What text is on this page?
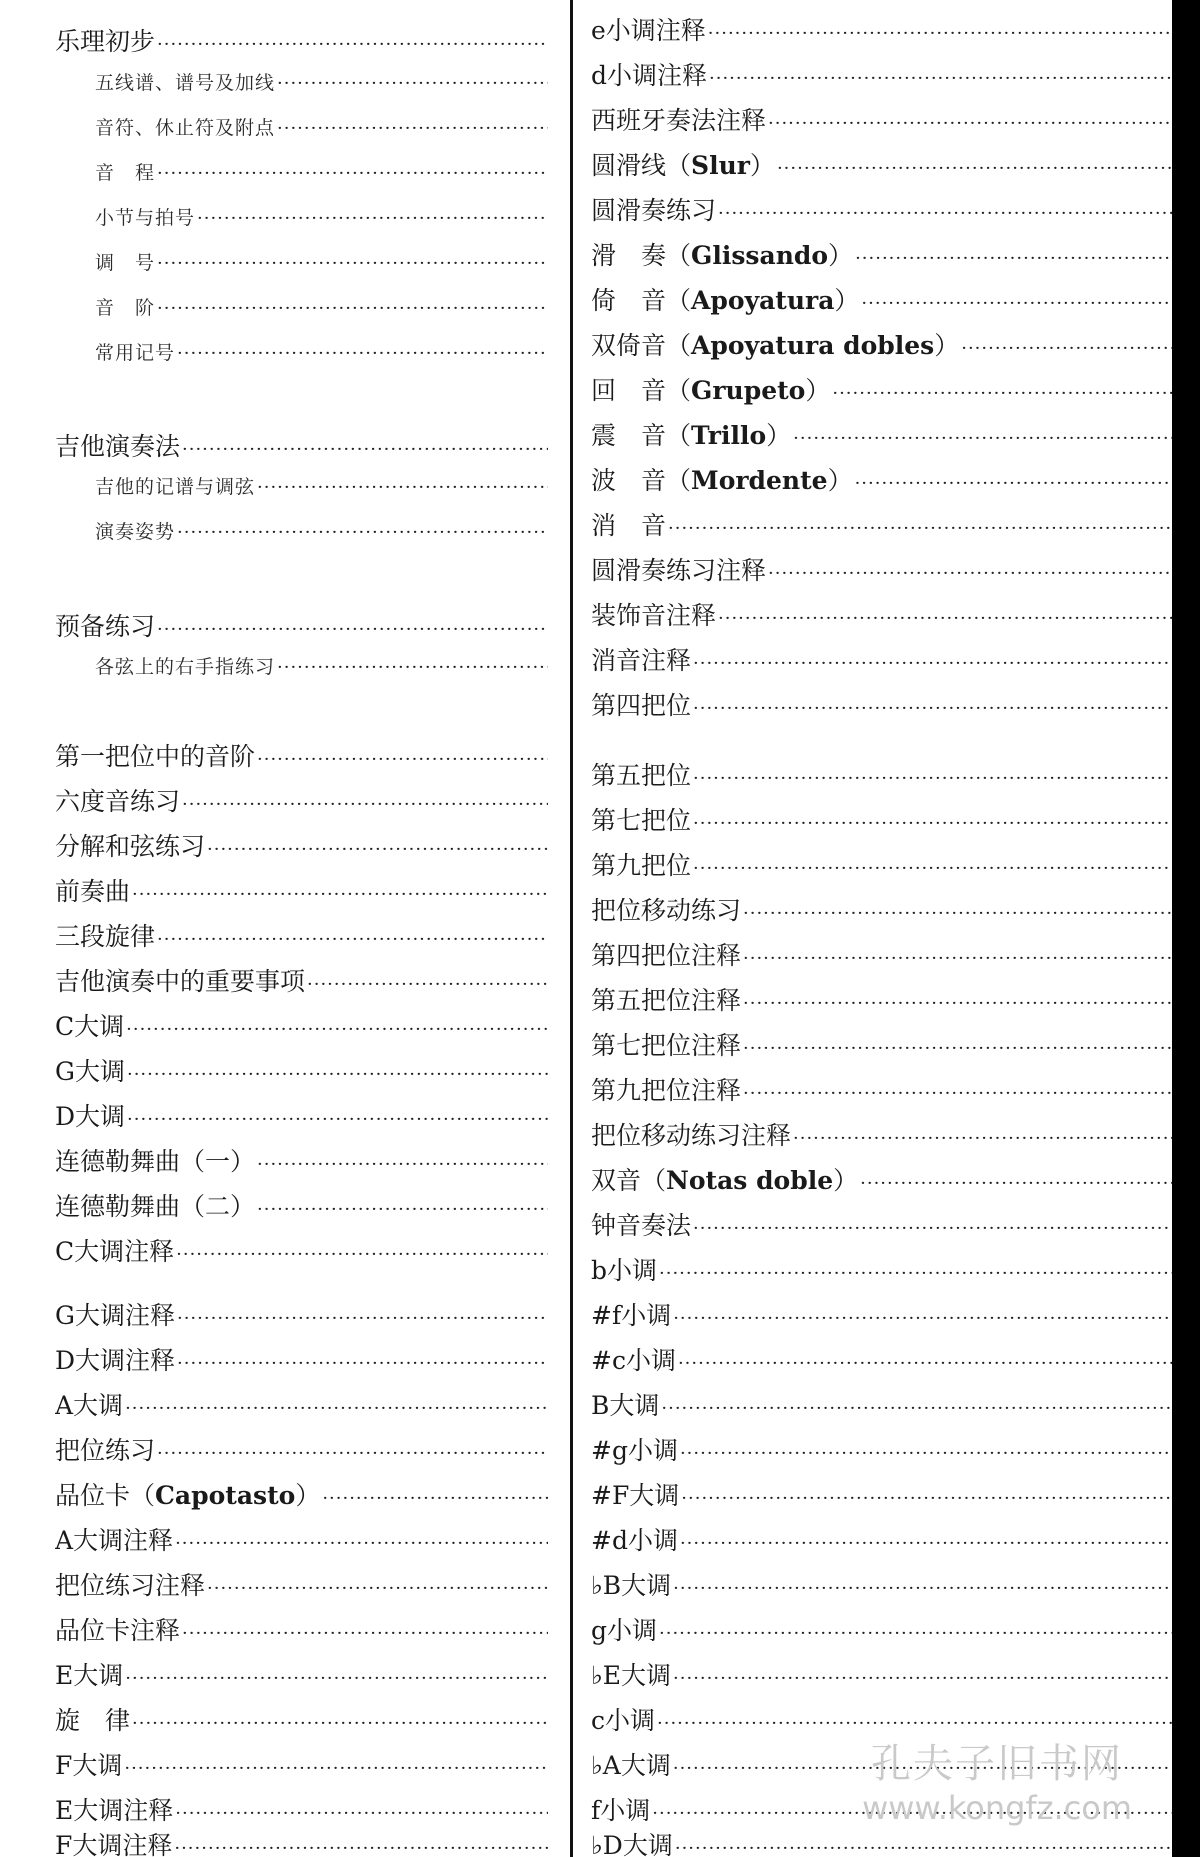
乐理初步
·····
五线谱、谱号及加线
·····
音符、休止符及附点
·····
音　程
·····
小节与拍号
·····
调　号
·····
音　阶
·····
常用记号
·····
吉他演奏法
·····
吉他的记谱与调弦
·····
演奏姿势
·····
预备练习
·····
各弦上的右手指练习
·····
第一把位中的音阶
·····
六度音练习
·····
分解和弦练习
·····
前奏曲
·····
三段旋律
·····
吉他演奏中的重要事项
·····
C大调
·····
G大调
·····
D大调
·····
连德勒舞曲（一）
·····
连德勒舞曲（二）
·····
C大调注释
·····
G大调注释
·····
D大调注释
·····
A大调
·····
把位练习
·····
品位卡（ Capotasto ）
·····
A大调注释
·····
把位练习注释
·····
品位卡注释
·····
E大调
·····
旋　律
·····
F大调
·····
E大调注释
·····
F大调注释
·····
e小调注释
·····
d小调注释
·····
西班牙奏法注释
·····
圆滑线（ Slur ）
·····
圆滑奏练习
·····
滑　奏（ Glissando ）
·····
倚　音（ Apoyatura ）
·····
双倚音（ Apoyatura dobles ）
·····
回　音（ Grupeto ）
·····
震　音（ Trillo ）
·····
波　音（ Mordente ）
·····
消　音
·····
圆滑奏练习注释
·····
装饰音注释
·····
消音注释
·····
第四把位
·····
第五把位
·····
第七把位
·····
第九把位
·····
把位移动练习
·····
第四把位注释
·····
第五把位注释
·····
第七把位注释
·····
第九把位注释
·····
把位移动练习注释
·····
双音（ Notas doble ）
·····
钟音奏法
·····
b小调
·····
#f小调
·····
#c小调
·····
B大调
·····
#g小调
·····
#F大调
·····
#d小调
·····
♭B大调
·····
g小调
·····
♭E大调
·····
c小调
·····
♭A大调
·····
f小调
·····
♭D大调
·····
孔夫子旧书网
www.kongfz.com
